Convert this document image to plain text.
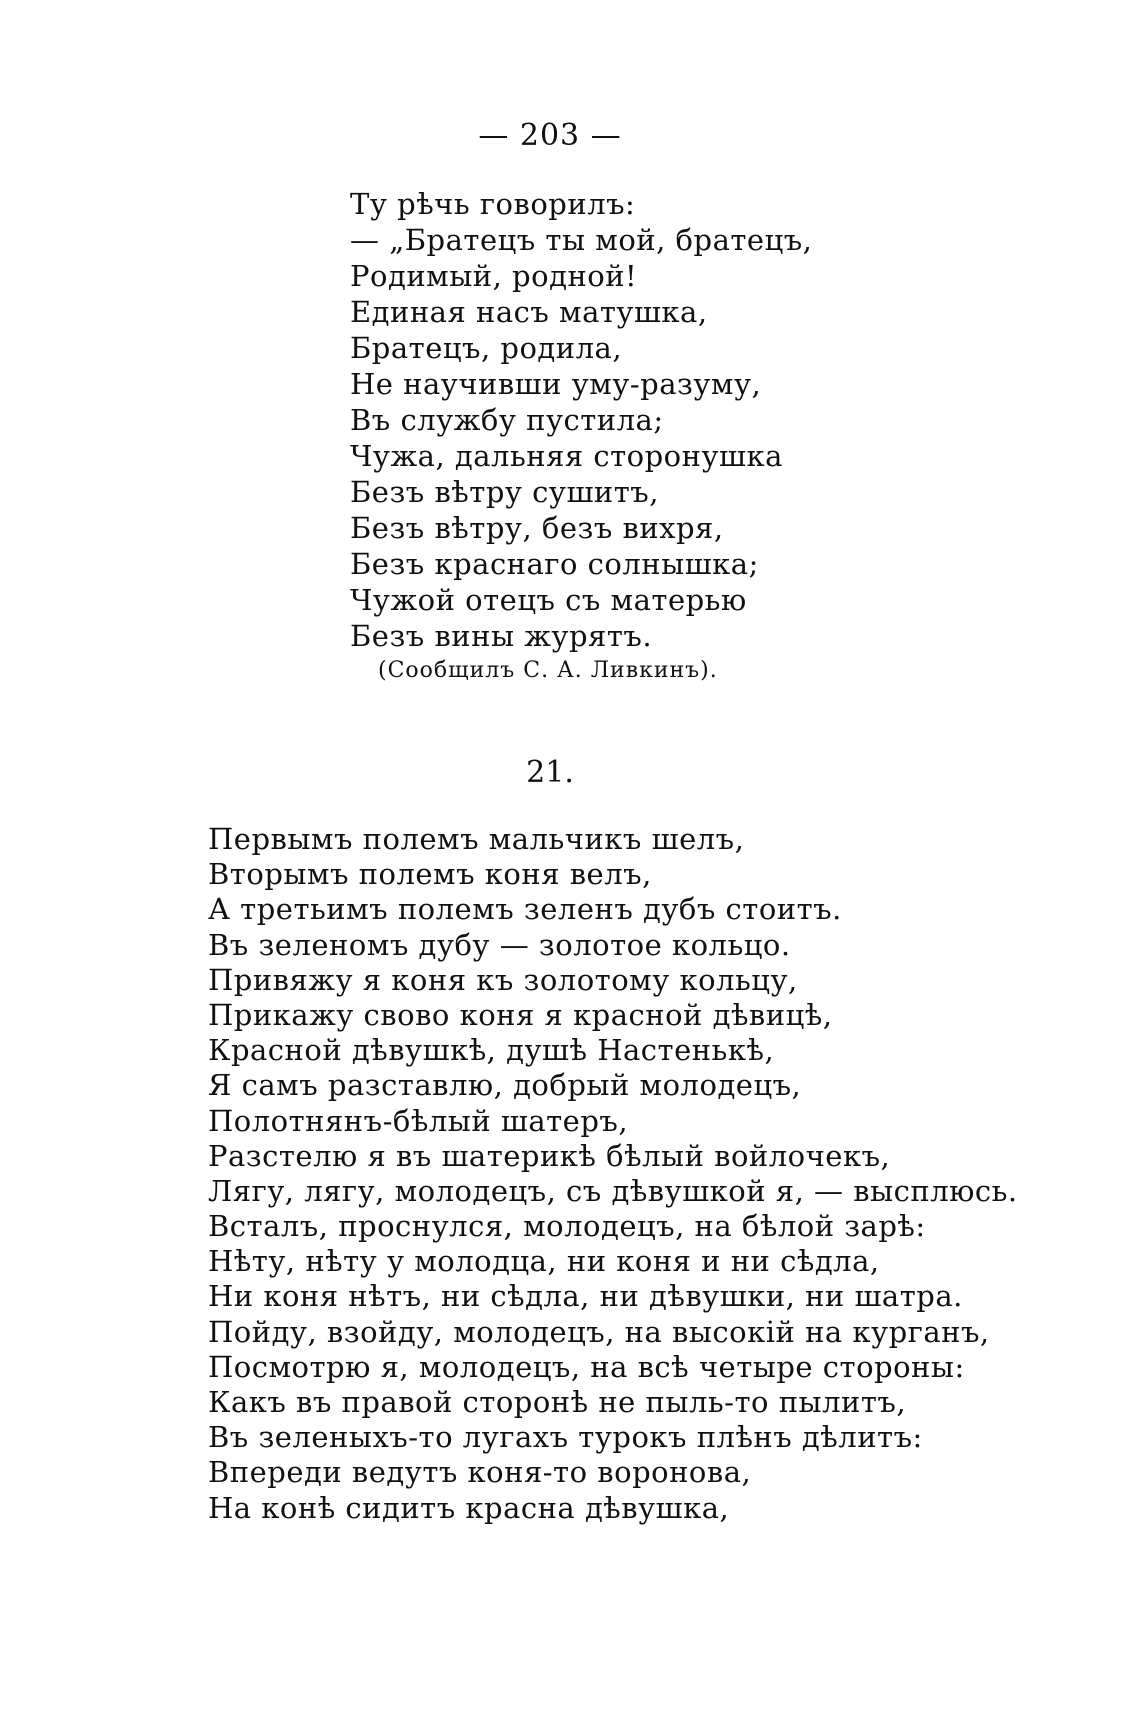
— 203 —
Ту рѣчь говорилъ:
— „Братецъ ты мой, братецъ,
Родимый, родной!
Единая насъ матушка,
Братецъ, родила,
Не научивши уму-разуму,
Въ службу пустила;
Чужа, дальняя сторонушка
Безъ вѣтру сушитъ,
Безъ вѣтру, безъ вихря,
Безъ краснаго солнышка;
Чужой отецъ съ матерью
Безъ вины журятъ.
(Сообщилъ С. А. Ливкинъ).
21.
Первымъ полемъ мальчикъ шелъ,
Вторымъ полемъ коня велъ,
А третьимъ полемъ зеленъ дубъ стоитъ.
Въ зеленомъ дубу — золотое кольцо.
Привяжу я коня къ золотому кольцу,
Прикажу свово коня я красной дѣвицѣ,
Красной дѣвушкѣ, душѣ Настенькѣ,
Я самъ разставлю, добрый молодецъ,
Полотнянъ-бѣлый шатеръ,
Разстелю я въ шатерикѣ бѣлый войлочекъ,
Лягу, лягу, молодецъ, съ дѣвушкой я, — высплюсь.
Всталъ, проснулся, молодецъ, на бѣлой зарѣ:
Нѣту, нѣту у молодца, ни коня и ни сѣдла,
Ни коня нѣтъ, ни сѣдла, ни дѣвушки, ни шатра.
Пойду, взойду, молодецъ, на высокій на курганъ,
Посмотрю я, молодецъ, на всѣ четыре стороны:
Какъ въ правой сторонѣ не пыль-то пылитъ,
Въ зеленыхъ-то лугахъ турокъ плѣнъ дѣлитъ:
Впереди ведутъ коня-то воронова,
На конѣ сидитъ красна дѣвушка,
